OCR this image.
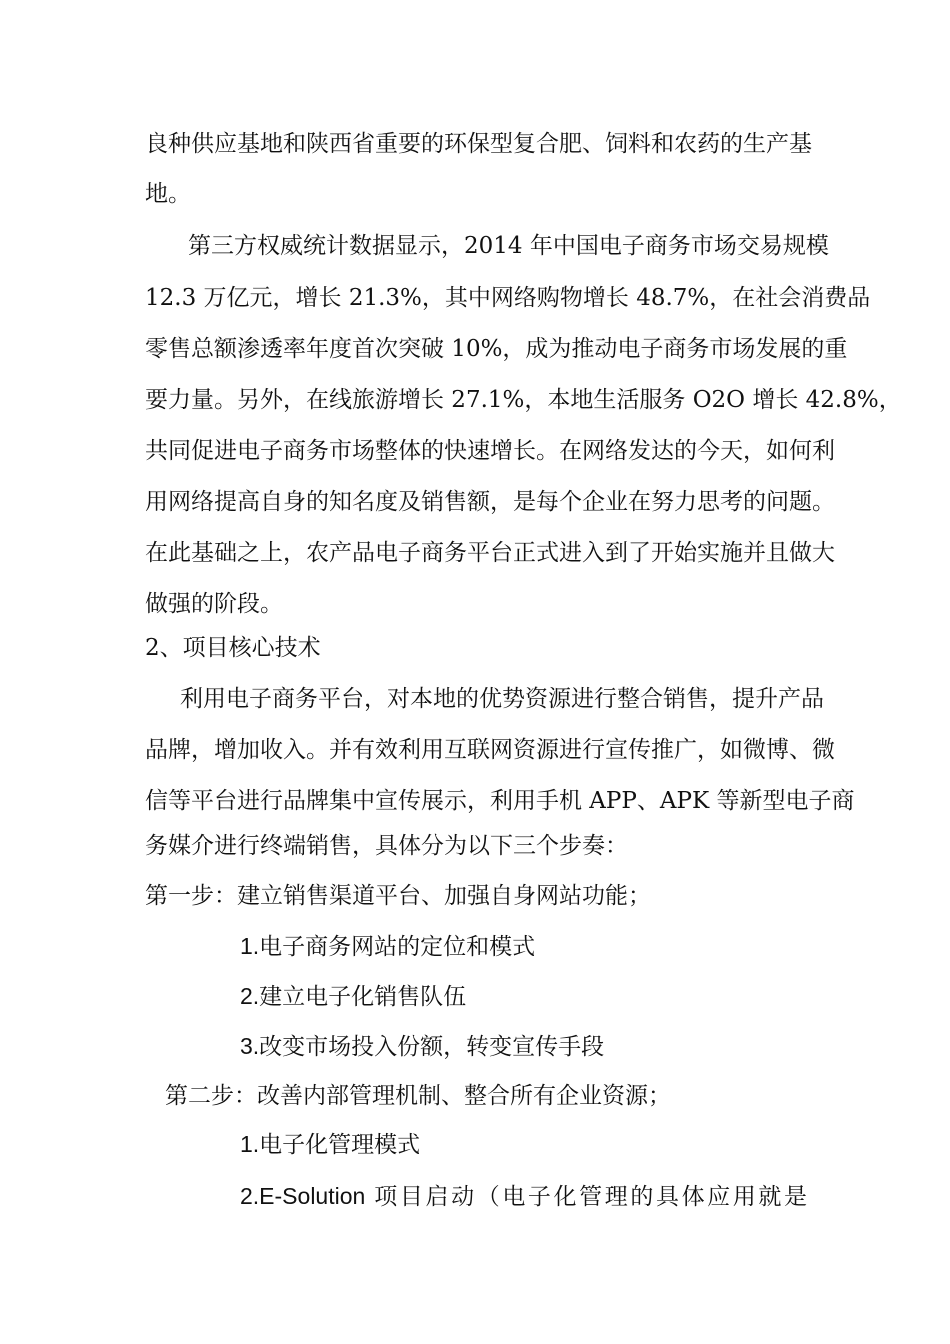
良种供应基地和陕西省重要的环保型复合肥、饲料和农药的生产基
地。
第三方权威统计数据显示，2014 年中国电子商务市场交易规模
12.3 万亿元，增长 21.3%，其中网络购物增长 48.7%，在社会消费品
零售总额渗透率年度首次突破 10%，成为推动电子商务市场发展的重
要力量。另外，在线旅游增长 27.1%，本地生活服务 O2O 增长 42.8%，
共同促进电子商务市场整体的快速增长。在网络发达的今天，如何利
用网络提高自身的知名度及销售额，是每个企业在努力思考的问题。
在此基础之上，农产品电子商务平台正式进入到了开始实施并且做大
做强的阶段。
2、项目核心技术
利用电子商务平台，对本地的优势资源进行整合销售，提升产品
品牌，增加收入。并有效利用互联网资源进行宣传推广，如微博、微
信等平台进行品牌集中宣传展示，利用手机 APP、APK 等新型电子商
务媒介进行终端销售，具体分为以下三个步奏：
第一步：建立销售渠道平台、加强自身网站功能；
1.电子商务网站的定位和模式
2.建立电子化销售队伍
3.改变市场投入份额，转变宣传手段
第二步：改善内部管理机制、整合所有企业资源；
1.电子化管理模式
2.E-Solution 项目启动（电子化管理的具体应用就是
